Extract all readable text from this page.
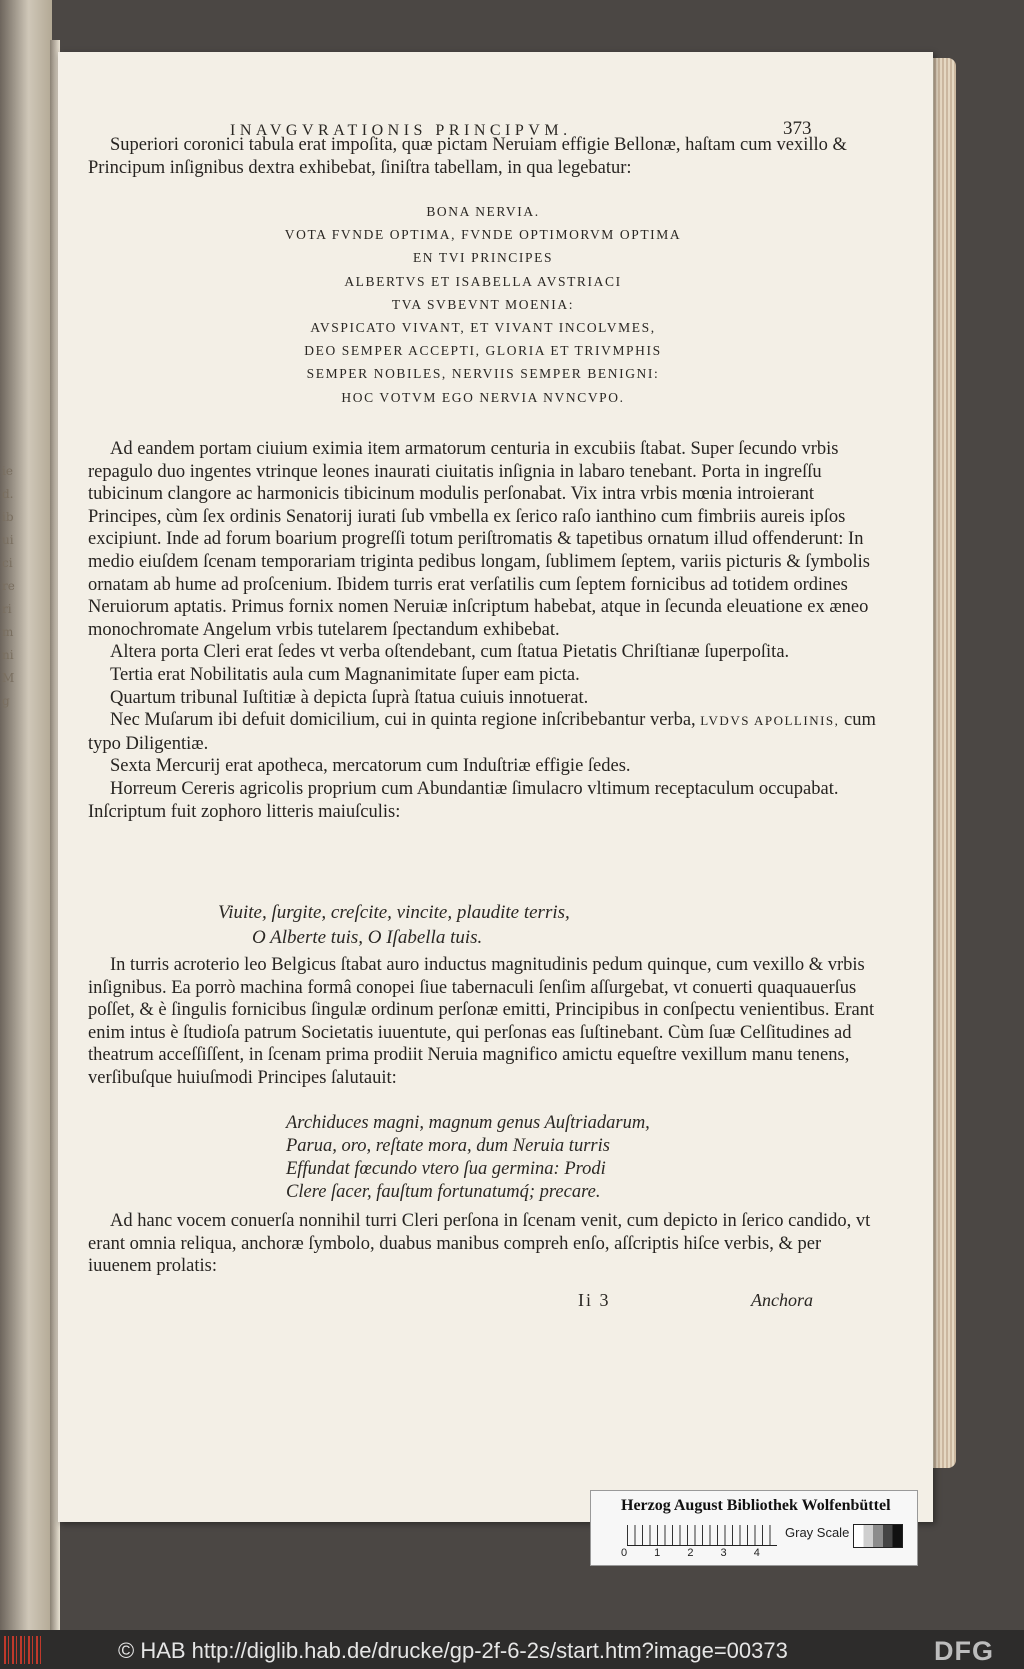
ie
d.
ib
ui
ci
re
ri
m
ni
M
g
INAVGVRATIONIS PRINCIPVM.	373

Superiori coronici tabula erat impoſita, quæ pictam Neruiam effigie Bellonæ, haſtam cum vexillo & Principum inſignibus dextra exhibebat, ſiniſtra tabellam, in qua legebatur:

BONA NERVIA.
VOTA FVNDE OPTIMA, FVNDE OPTIMORVM OPTIMA
EN TVI PRINCIPES
ALBERTVS ET ISABELLA AVSTRIACI
TVA SVBEVNT MOENIA:
AVSPICATO VIVANT, ET VIVANT INCOLVMES,
DEO SEMPER ACCEPTI, GLORIA ET TRIVMPHIS
SEMPER NOBILES, NERVIIS SEMPER BENIGNI:
HOC VOTVM EGO NERVIA NVNCVPO.

Ad eandem portam ciuium eximia item armatorum centuria in excubiis ſtabat. Super ſecundo vrbis repagulo duo ingentes vtrinque leones inaurati ciuitatis inſignia in labaro tenebant. Porta in ingreſſu tubicinum clangore ac harmonicis tibicinum modulis perſonabat. Vix intra vrbis mœnia introierant Principes, cùm ſex ordinis Senatorij iurati ſub vmbella ex ſerico raſo ianthino cum fimbriis aureis ipſos excipiunt. Inde ad forum boarium progreſſi totum periſtromatis & tapetibus ornatum illud offenderunt: In medio eiuſdem ſcenam temporariam triginta pedibus longam, ſublimem ſeptem, variis picturis & ſymbolis ornatam ab hume ad proſcenium. Ibidem turris erat verſatilis cum ſeptem fornicibus ad totidem ordines Neruiorum aptatis. Primus fornix nomen Neruiæ inſcriptum habebat, atque in ſecunda eleuatione ex æneo monochromate Angelum vrbis tutelarem ſpectandum exhibebat.

Altera porta Cleri erat ſedes vt verba oſtendebant, cum ſtatua Pietatis Chriſtianæ ſuperpoſita.

Tertia erat Nobilitatis aula cum Magnanimitate ſuper eam picta.

Quartum tribunal Iuſtitiæ à depicta ſuprà ſtatua cuiuis innotuerat.

Nec Muſarum ibi defuit domicilium, cui in quinta regione inſcribebantur verba, LVDVS APOLLINIS, cum typo Diligentiæ.

Sexta Mercurij erat apotheca, mercatorum cum Induſtriæ effigie ſedes.

Horreum Cereris agricolis proprium cum Abundantiæ ſimulacro vltimum receptaculum occupabat. Inſcriptum fuit zophoro litteris maiuſculis:

Viuite, ſurgite, creſcite, vincite, plaudite terris,
O Alberte tuis, O Iſabella tuis.

In turris acroterio leo Belgicus ſtabat auro inductus magnitudinis pedum quinque, cum vexillo & vrbis inſignibus. Ea porrò machina formâ conopei ſiue tabernaculi ſenſim aſſurgebat, vt conuerti quaquauerſus poſſet, & è ſingulis fornicibus ſingulæ ordinum perſonæ emitti, Principibus in conſpectu venientibus. Erant enim intus è ſtudioſa patrum Societatis iuuentute, qui perſonas eas ſuſtinebant. Cùm ſuæ Celſitudines ad theatrum acceſſiſſent, in ſcenam prima prodiit Neruia magnifico amictu equeſtre vexillum manu tenens, verſibuſque huiuſmodi Principes ſalutauit:

Archiduces magni, magnum genus Auſtriadarum,
Parua, oro, reſtate mora, dum Neruia turris
Effundat fœcundo vtero ſua germina: Prodi
Clere ſacer, fauſtum fortunatumq́; precare.

Ad hanc vocem conuerſa nonnihil turri Cleri perſona in ſcenam venit, cum depicto in ſerico candido, vt erant omnia reliqua, anchoræ ſymbolo, duabus manibus compreh enſo, aſſcriptis hiſce verbis, & per iuuenem prolatis:

Ii 3	Anchora
Herzog August Bibliothek Wolfenbüttel
0 1 2 3 4
Gray Scale
© HAB http://diglib.hab.de/drucke/gp-2f-6-2s/start.htm?image=00373	DFG
